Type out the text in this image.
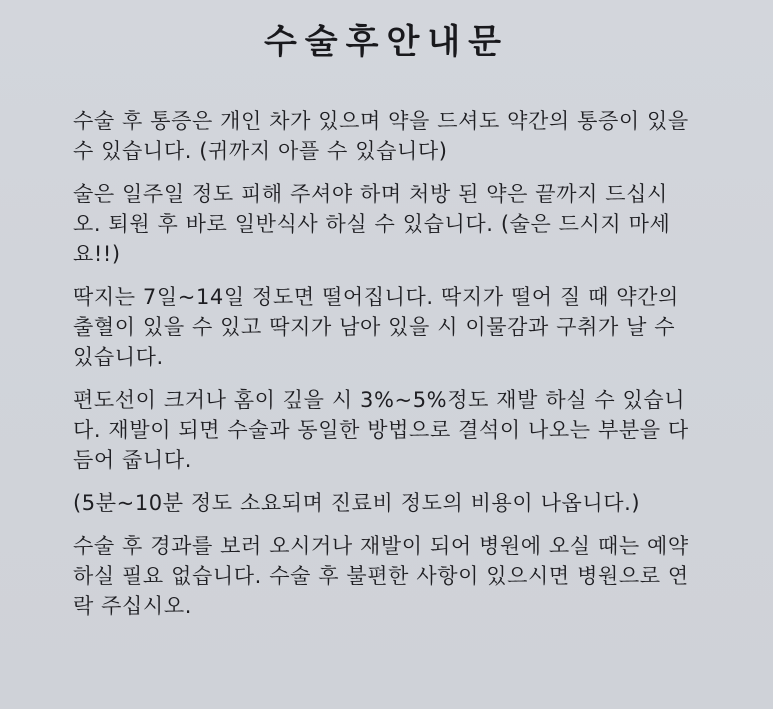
수술후안내문
수술 후 통증은 개인 차가 있으며 약을 드셔도 약간의 통증이 있을
수 있습니다. (귀까지 아플 수 있습니다)
술은 일주일 정도 피해 주셔야 하며 처방 된 약은 끝까지 드십시
오. 퇴원 후 바로 일반식사 하실 수 있습니다. (술은 드시지 마세
요!!)
딱지는 7일~14일 정도면 떨어집니다. 딱지가 떨어 질 때 약간의
출혈이 있을 수 있고 딱지가 남아 있을 시 이물감과 구취가 날 수
있습니다.
편도선이 크거나 홈이 깊을 시 3%~5%정도 재발 하실 수 있습니
다. 재발이 되면 수술과 동일한 방법으로 결석이 나오는 부분을 다
듬어 줍니다.
(5분~10분 정도 소요되며 진료비 정도의 비용이 나옵니다.)
수술 후 경과를 보러 오시거나 재발이 되어 병원에 오실 때는 예약
하실 필요 없습니다. 수술 후 불편한 사항이 있으시면 병원으로 연
락 주십시오.
